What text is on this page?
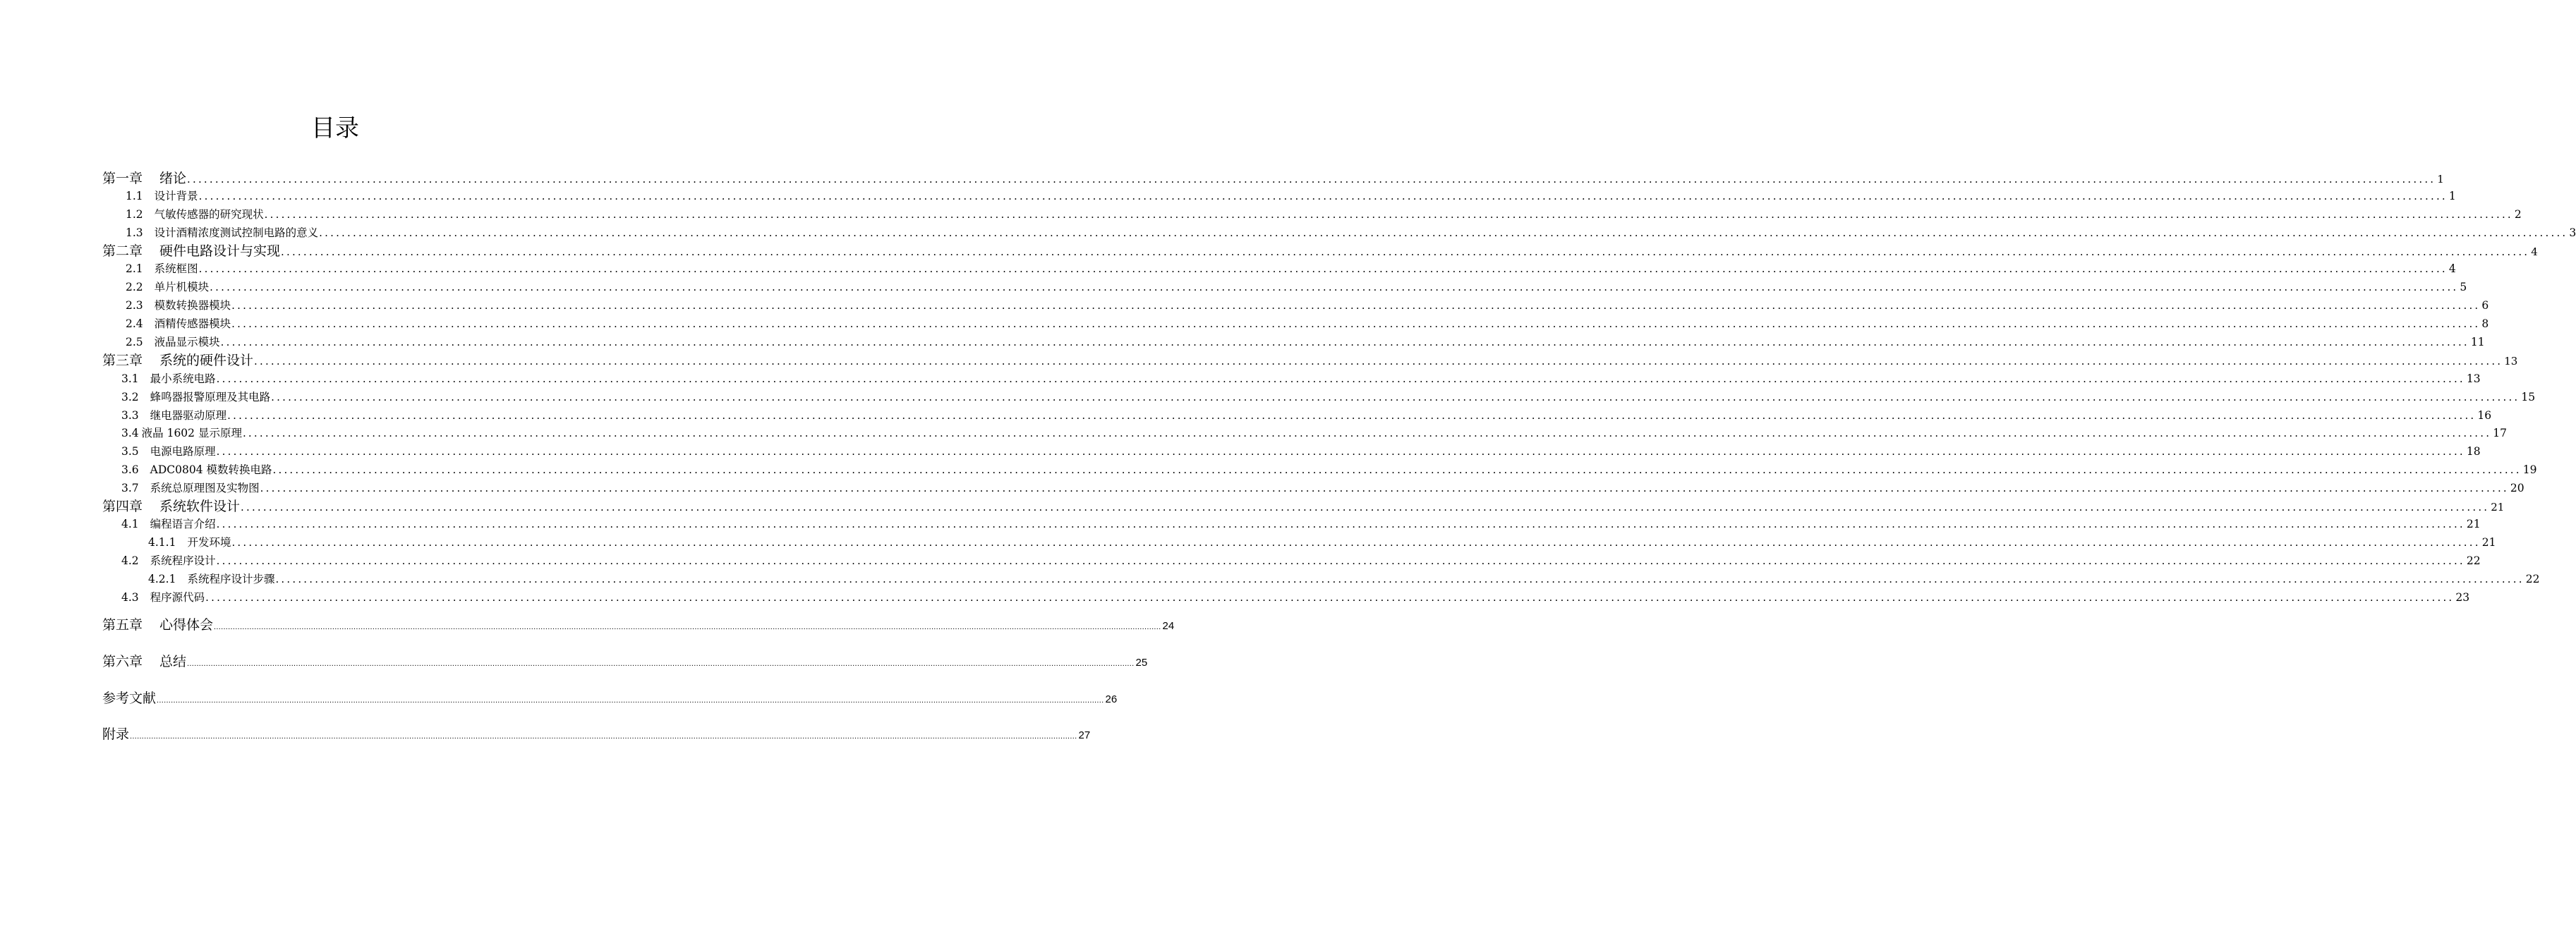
目录
第一章 绪论 ................................................................................................................................................................................................................................................................................................................................................................................................................ 1
1.1 设计背景 ................................................................................................................................................................................................................................................................................................................................................................................................................ 1
1.2 气敏传感器的研究现状 ................................................................................................................................................................................................................................................................................................................................................................................................................ 2
1.3 设计酒精浓度测试控制电路的意义 ................................................................................................................................................................................................................................................................................................................................................................................................................ 3
第二章 硬件电路设计与实现 ................................................................................................................................................................................................................................................................................................................................................................................................................ 4
2.1 系统框图 ................................................................................................................................................................................................................................................................................................................................................................................................................ 4
2.2 单片机模块 ................................................................................................................................................................................................................................................................................................................................................................................................................ 5
2.3 模数转换器模块 ................................................................................................................................................................................................................................................................................................................................................................................................................ 6
2.4 酒精传感器模块 ................................................................................................................................................................................................................................................................................................................................................................................................................ 8
2.5 液晶显示模块 ................................................................................................................................................................................................................................................................................................................................................................................................................ 11
第三章 系统的硬件设计 ................................................................................................................................................................................................................................................................................................................................................................................................................ 13
3.1 最小系统电路 ................................................................................................................................................................................................................................................................................................................................................................................................................ 13
3.2 蜂鸣器报警原理及其电路 ................................................................................................................................................................................................................................................................................................................................................................................................................ 15
3.3 继电器驱动原理 ................................................................................................................................................................................................................................................................................................................................................................................................................ 16
3.4 液晶 1602 显示原理 ................................................................................................................................................................................................................................................................................................................................................................................................................ 17
3.5 电源电路原理 ................................................................................................................................................................................................................................................................................................................................................................................................................ 18
3.6 ADC0804 模数转换电路 ................................................................................................................................................................................................................................................................................................................................................................................................................ 19
3.7 系统总原理图及实物图 ................................................................................................................................................................................................................................................................................................................................................................................................................ 20
第四章 系统软件设计 ................................................................................................................................................................................................................................................................................................................................................................................................................ 21
4.1 编程语言介绍 ................................................................................................................................................................................................................................................................................................................................................................................................................ 21
4.1.1 开发环境 ................................................................................................................................................................................................................................................................................................................................................................................................................ 21
4.2 系统程序设计 ................................................................................................................................................................................................................................................................................................................................................................................................................ 22
4.2.1 系统程序设计步骤 ................................................................................................................................................................................................................................................................................................................................................................................................................ 22
4.3 程序源代码 ................................................................................................................................................................................................................................................................................................................................................................................................................ 23
第五章 心得体会 ................................................................................................................................................................................................................................................................................................................................................................................................................ 24
第六章 总结 ................................................................................................................................................................................................................................................................................................................................................................................................................ 25
参考文献 ................................................................................................................................................................................................................................................................................................................................................................................................................ 26
附录 ................................................................................................................................................................................................................................................................................................................................................................................................................ 27
